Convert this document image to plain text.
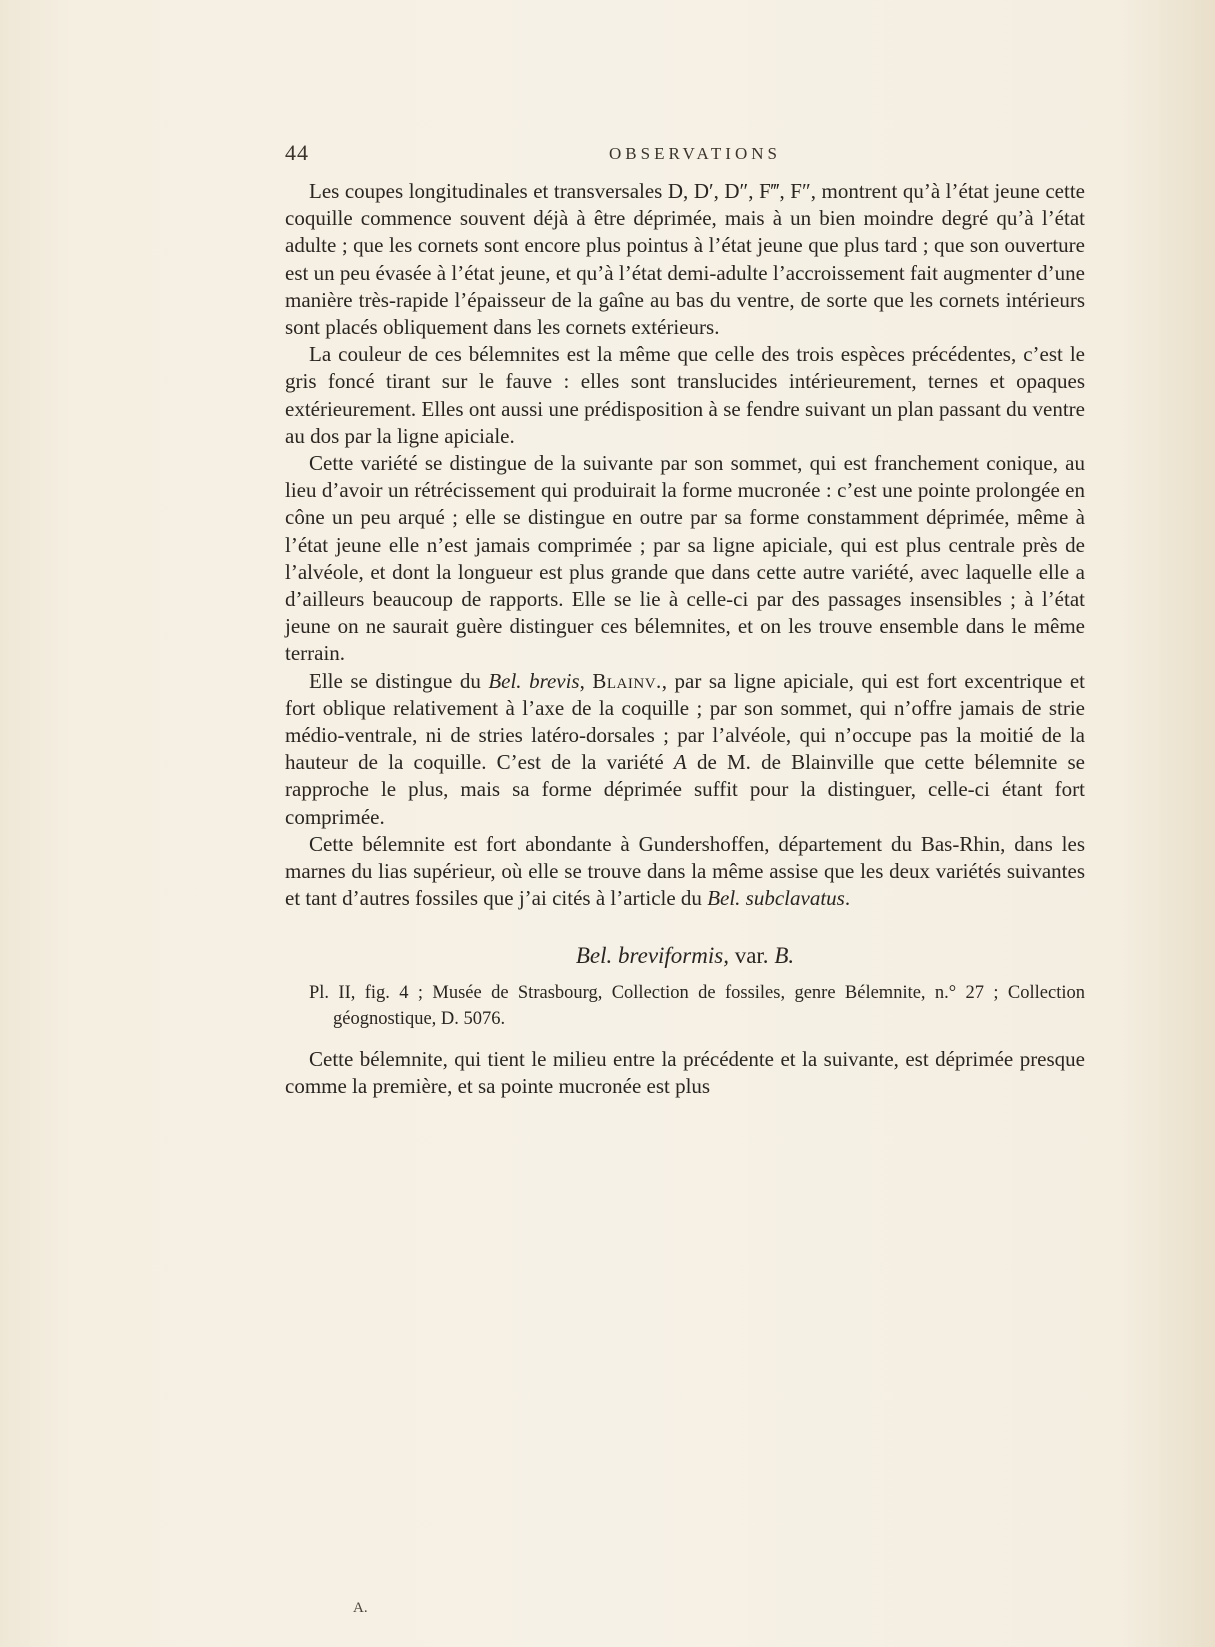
44	OBSERVATIONS

Les coupes longitudinales et transversales D, D′, D″, F‴, F″, montrent qu’à l’état jeune cette coquille commence souvent déjà à être déprimée, mais à un bien moindre degré qu’à l’état adulte ; que les cornets sont encore plus pointus à l’état jeune que plus tard ; que son ouverture est un peu évasée à l’état jeune, et qu’à l’état demi-adulte l’accroissement fait augmenter d’une manière très-rapide l’épaisseur de la gaîne au bas du ventre, de sorte que les cornets intérieurs sont placés obliquement dans les cornets extérieurs.

La couleur de ces bélemnites est la même que celle des trois espèces précédentes, c’est le gris foncé tirant sur le fauve : elles sont translucides intérieurement, ternes et opaques extérieurement. Elles ont aussi une prédisposition à se fendre suivant un plan passant du ventre au dos par la ligne apiciale.

Cette variété se distingue de la suivante par son sommet, qui est franchement conique, au lieu d’avoir un rétrécissement qui produirait la forme mucronée : c’est une pointe prolongée en cône un peu arqué ; elle se distingue en outre par sa forme constamment déprimée, même à l’état jeune elle n’est jamais comprimée ; par sa ligne apiciale, qui est plus centrale près de l’alvéole, et dont la longueur est plus grande que dans cette autre variété, avec laquelle elle a d’ailleurs beaucoup de rapports. Elle se lie à celle-ci par des passages insensibles ; à l’état jeune on ne saurait guère distinguer ces bélemnites, et on les trouve ensemble dans le même terrain.

Elle se distingue du Bel. brevis, Blainv., par sa ligne apiciale, qui est fort excentrique et fort oblique relativement à l’axe de la coquille ; par son sommet, qui n’offre jamais de strie médio-ventrale, ni de stries latéro-dorsales ; par l’alvéole, qui n’occupe pas la moitié de la hauteur de la coquille. C’est de la variété A de M. de Blainville que cette bélemnite se rapproche le plus, mais sa forme déprimée suffit pour la distinguer, celle-ci étant fort comprimée.

Cette bélemnite est fort abondante à Gundershoffen, département du Bas-Rhin, dans les marnes du lias supérieur, où elle se trouve dans la même assise que les deux variétés suivantes et tant d’autres fossiles que j’ai cités à l’article du Bel. subclavatus.

Bel. breviformis, var. B.
Pl. II, fig. 4 ; Musée de Strasbourg, Collection de fossiles, genre Bélemnite, n.° 27 ; Collection géognostique, D. 5076.

Cette bélemnite, qui tient le milieu entre la précédente et la suivante, est déprimée presque comme la première, et sa pointe mucronée est plus

A.
